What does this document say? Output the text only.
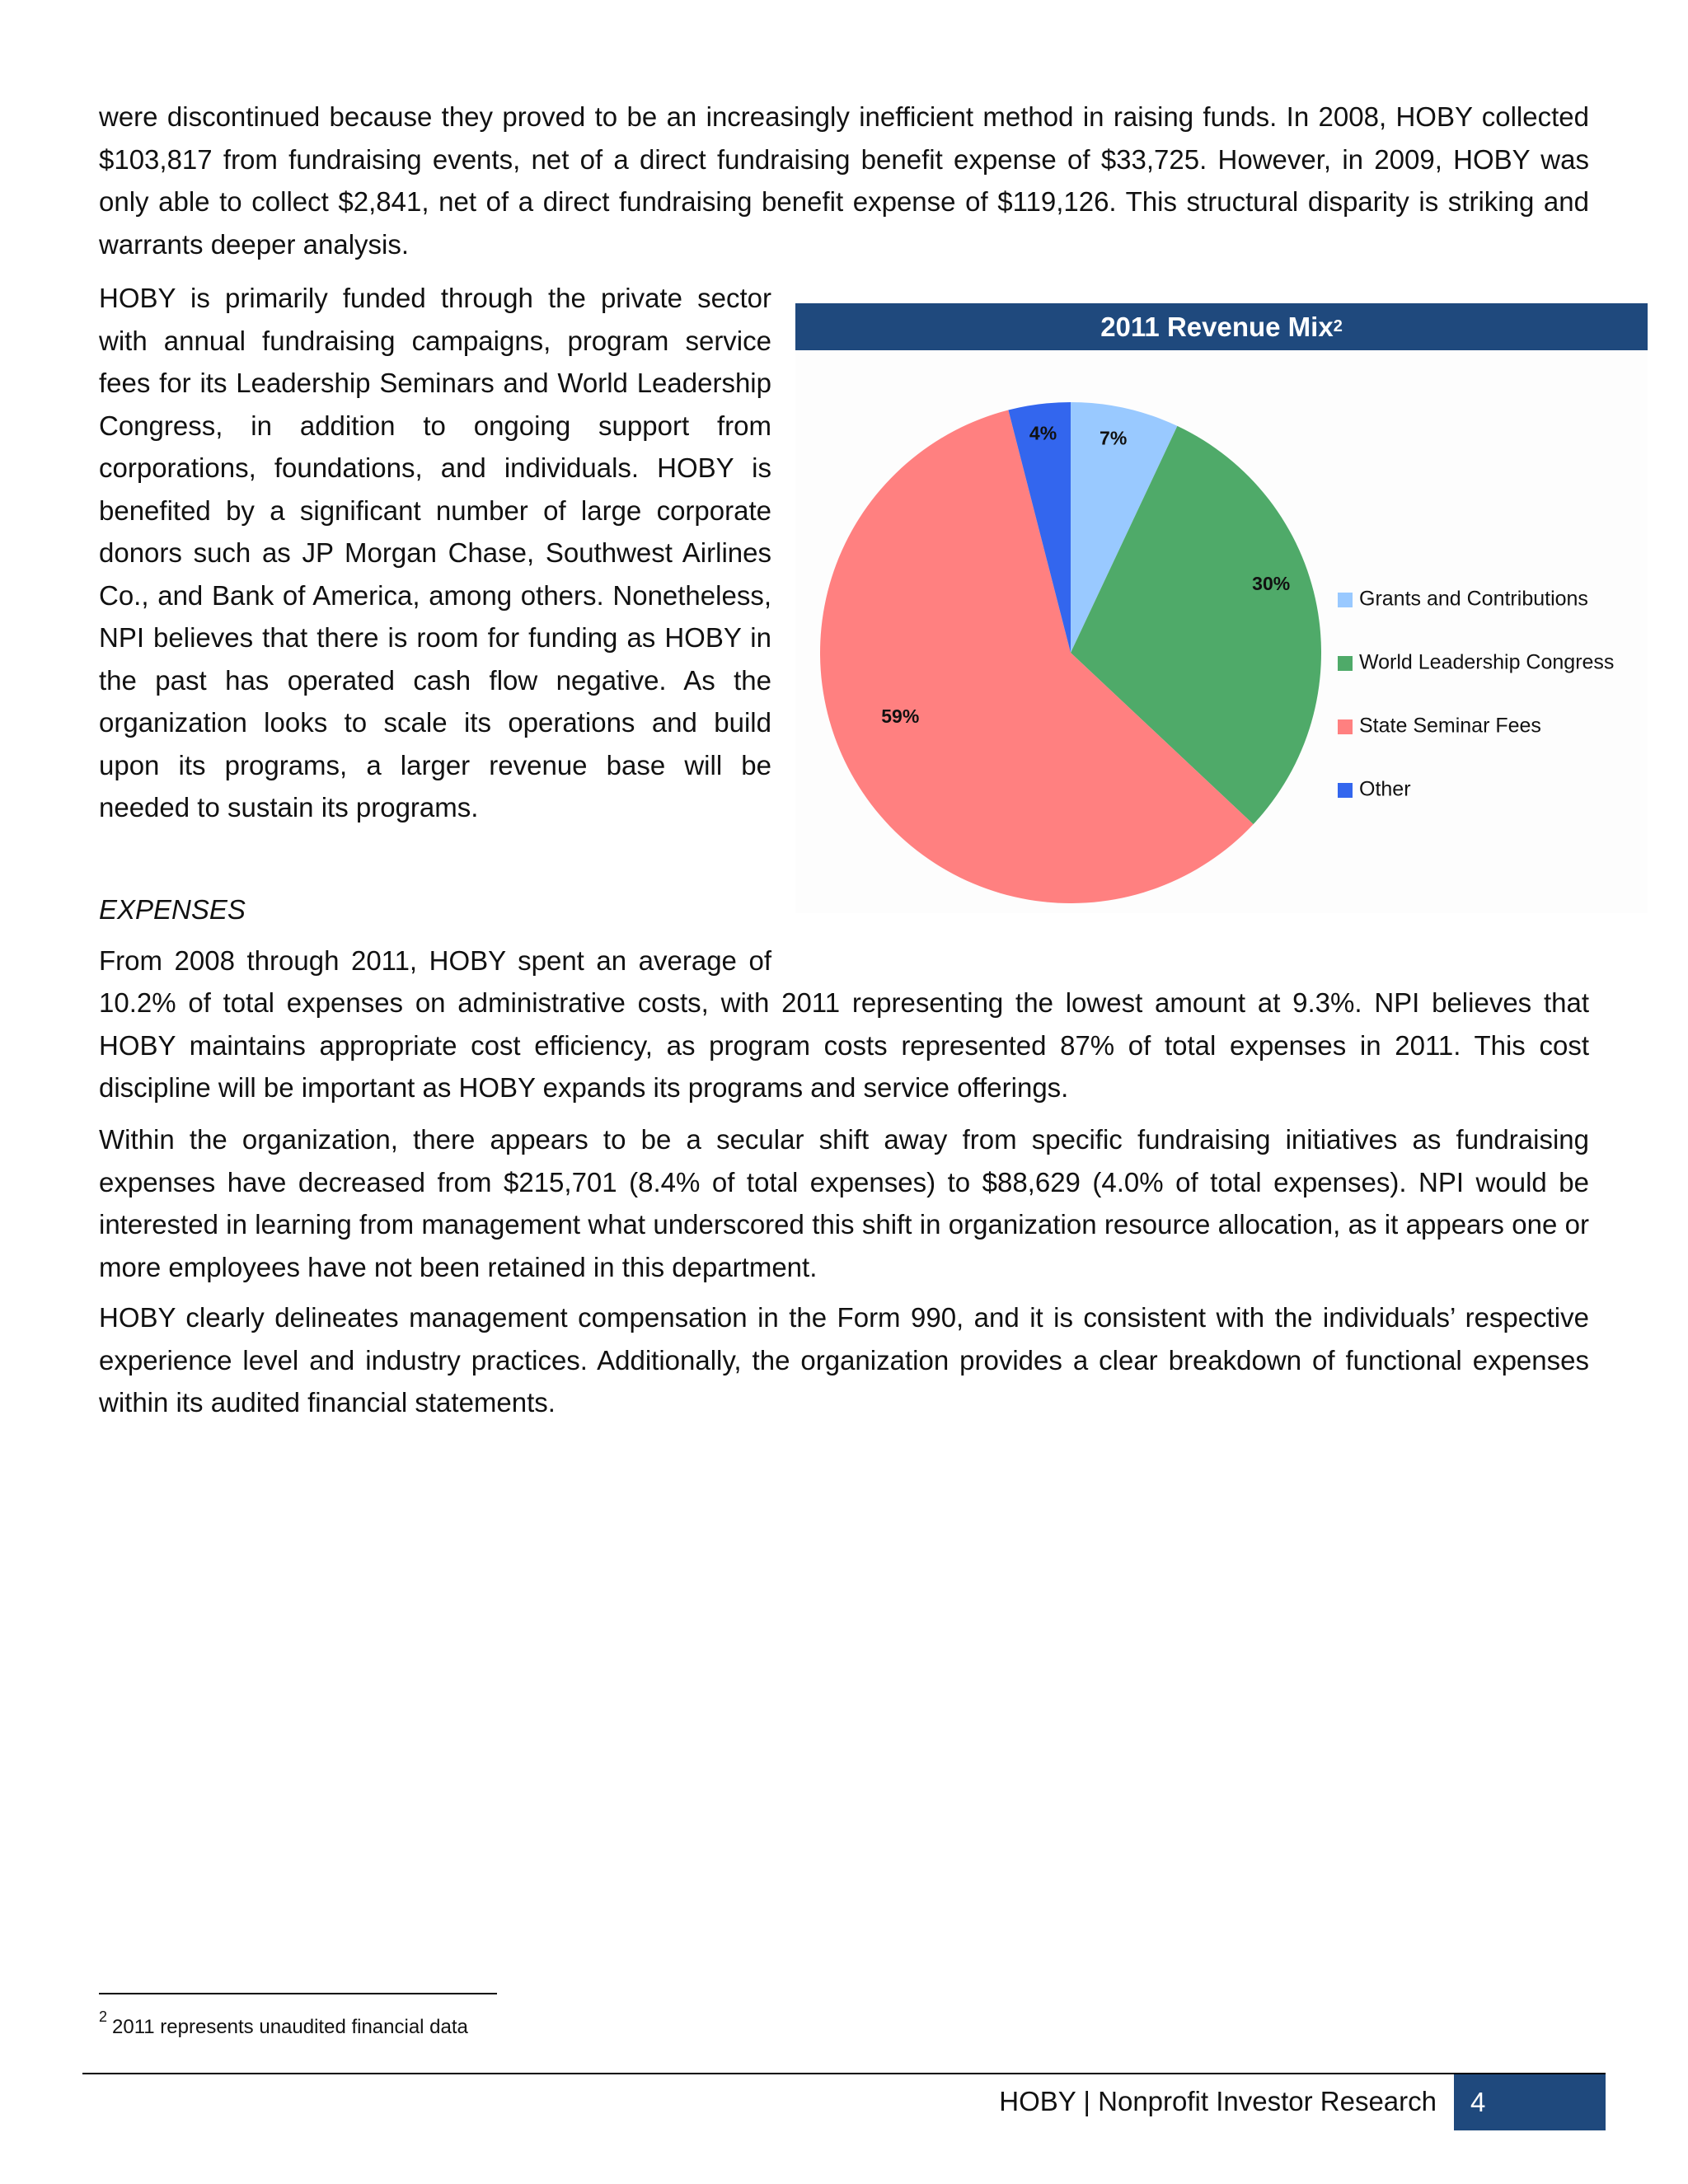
were discontinued because they proved to be an increasingly inefficient method in raising funds. In 2008, HOBY collected $103,817 from fundraising events, net of a direct fundraising benefit expense of $33,725. However, in 2009, HOBY was only able to collect $2,841, net of a direct fundraising benefit expense of $119,126. This structural disparity is striking and warrants deeper analysis.

HOBY is primarily funded through the private sector with annual fundraising campaigns, program service fees for its Leadership Seminars and World Leadership Congress, in addition to ongoing support from corporations, foundations, and individuals. HOBY is benefited by a significant number of large corporate donors such as JP Morgan Chase, Southwest Airlines Co., and Bank of America, among others. Nonetheless, NPI believes that there is room for funding as HOBY in the past has operated cash flow negative. As the organization looks to scale its operations and build upon its programs, a larger revenue base will be needed to sustain its programs.

7%
30%
59%
4%
Grants and Contributions
World Leadership Congress
State Seminar Fees
Other
2011 Revenue Mix 2

EXPENSES

From 2008 through 2011, HOBY spent an average of

10.2% of total expenses on administrative costs, with 2011 representing the lowest amount at 9.3%. NPI believes that HOBY maintains appropriate cost efficiency, as program costs represented 87% of total expenses in 2011. This cost discipline will be important as HOBY expands its programs and service offerings.

Within the organization, there appears to be a secular shift away from specific fundraising initiatives as fundraising expenses have decreased from $215,701 (8.4% of total expenses) to $88,629 (4.0% of total expenses). NPI would be interested in learning from management what underscored this shift in organization resource allocation, as it appears one or more employees have not been retained in this department.

HOBY clearly delineates management compensation in the Form 990, and it is consistent with the individuals’ respective experience level and industry practices. Additionally, the organization provides a clear breakdown of functional expenses within its audited financial statements.

$^2$ 2011 represents unaudited financial data
HOBY | Nonprofit Investor Research 4
